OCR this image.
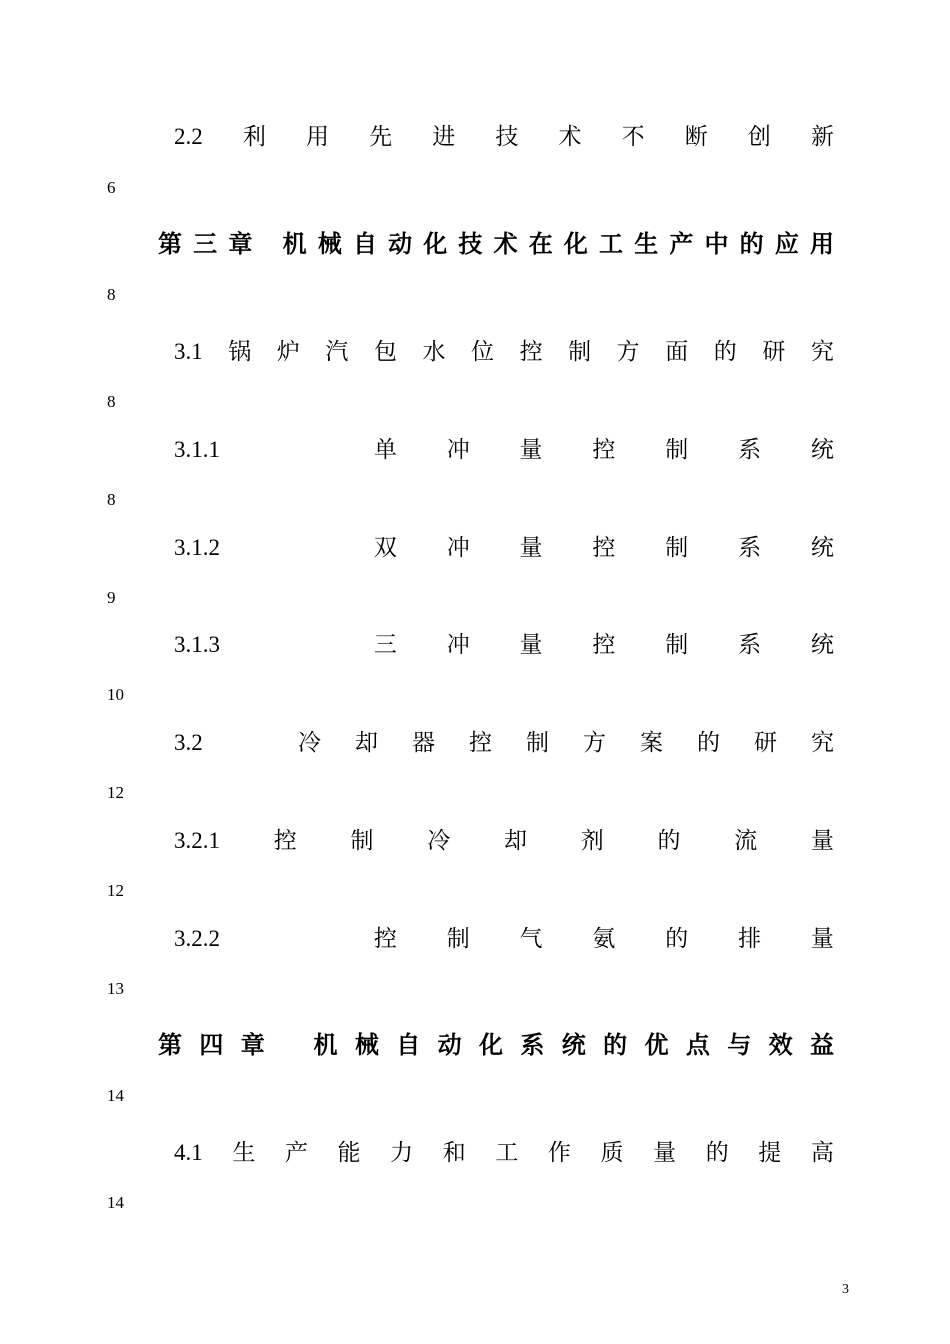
2.2 利 用 先 进 技 术 不 断 创 新
6
第 三 章 机 械 自 动 化 技 术 在 化 工 生 产 中 的 应 用
8
3.1 锅 炉 汽 包 水 位 控 制 方 面 的 研 究
8
3.1.1	单 冲 量 控 制 系 统
8
3.1.2	双 冲 量 控 制 系 统
9
3.1.3	三 冲 量 控 制 系 统
10
3.2	冷 却 器 控 制 方 案 的 研 究
12
3.2.1 控 制 冷 却 剂 的 流 量
12
3.2.2	控 制 气 氨 的 排 量
13
第 四 章 机 械 自 动 化 系 统 的 优 点 与 效 益
14
4.1 生 产 能 力 和 工 作 质 量 的 提 高
14
3
